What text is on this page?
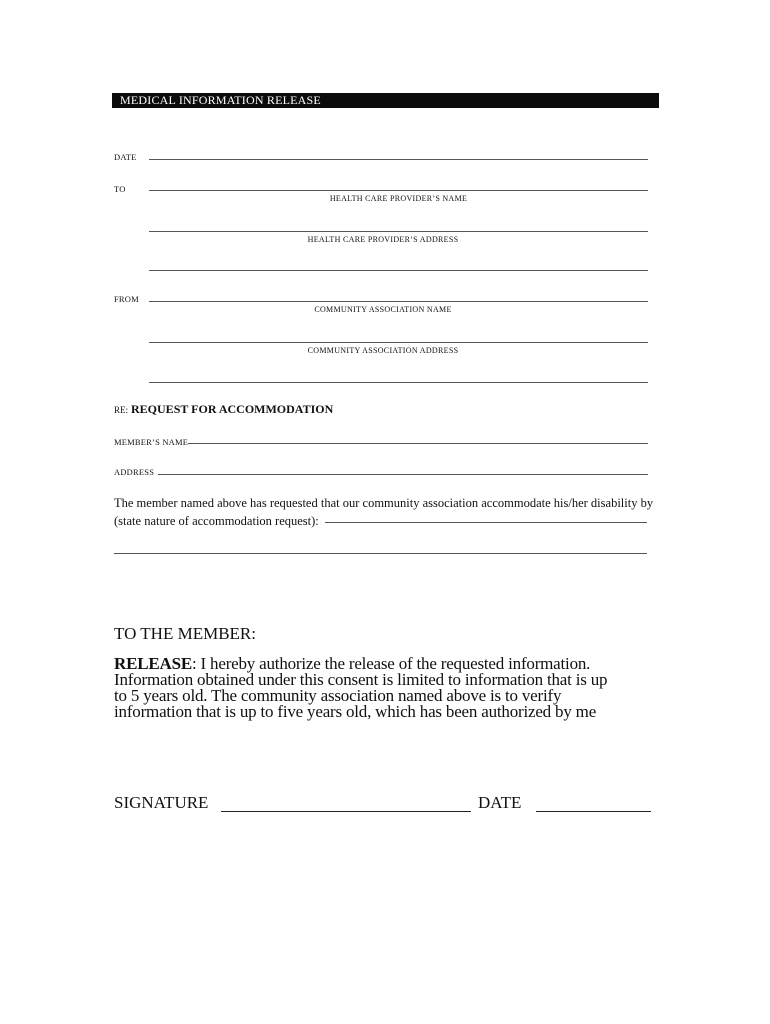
MEDICAL INFORMATION RELEASE
DATE
TO
HEALTH CARE PROVIDER’S NAME
HEALTH CARE PROVIDER’S ADDRESS
FROM
COMMUNITY ASSOCIATION NAME
COMMUNITY ASSOCIATION ADDRESS
RE: REQUEST FOR ACCOMMODATION
MEMBER’S NAME
ADDRESS
The member named above has requested that our community association accommodate his/her disability by
(state nature of accommodation request):
TO THE MEMBER:
RELEASE: I hereby authorize the release of the requested information.
Information obtained under this consent is limited to information that is up
to 5 years old. The community association named above is to verify
information that is up to five years old, which has been authorized by me
SIGNATURE	DATE
